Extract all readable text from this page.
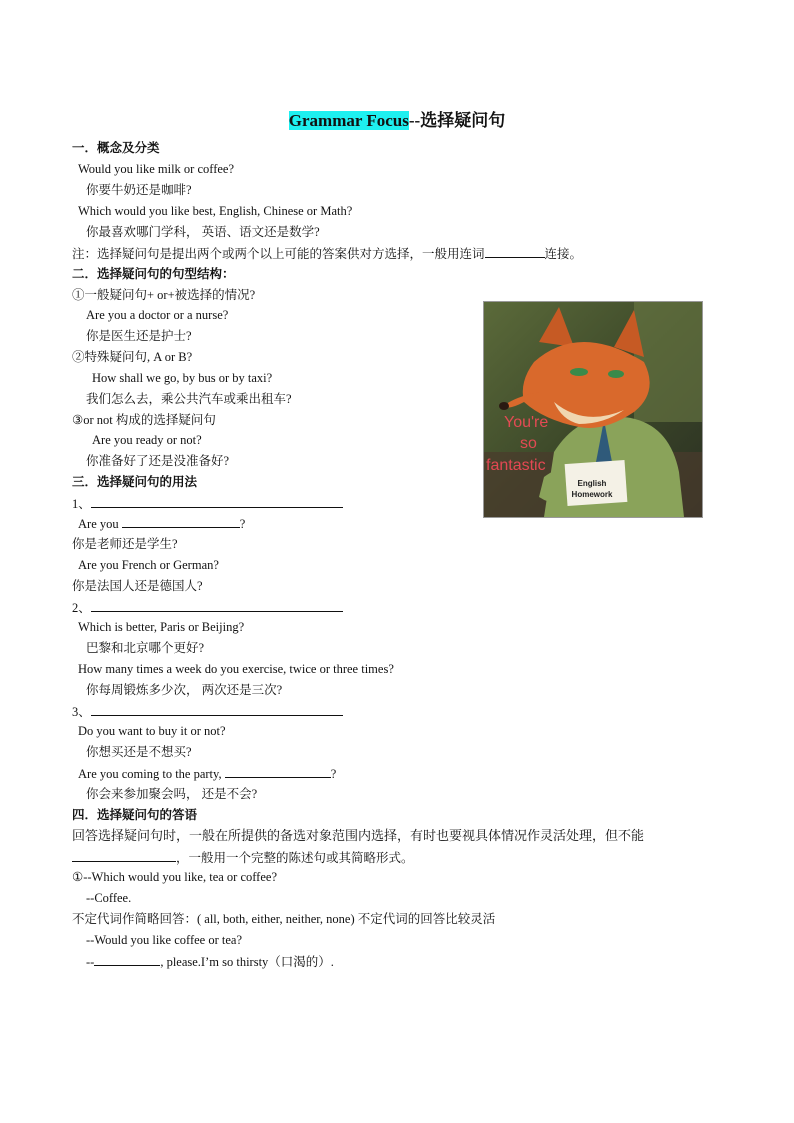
Grammar Focus--选择疑问句
一．概念及分类
Would you like milk or coffee?
你要牛奶还是咖啡?
Which would you like best, English, Chinese or Math?
你最喜欢哪门学科， 英语、语文还是数学?
注：选择疑问句是提出两个或两个以上可能的答案供对方选择，一般用连词	连接。
二．选择疑问句的句型结构：
①一般疑问句+ or+被选择的情况?
Are you a doctor or a nurse?
你是医生还是护士?
②特殊疑问句, A or B?
How shall we go, by bus or by taxi?
我们怎么去，乘公共汽车或乘出租车?
③or not 构成的选择疑问句
Are you ready or not?
你准备好了还是没准备好?
三．选择疑问句的用法
1、
Are you	?
你是老师还是学生?
Are you French or German?
你是法国人还是德国人?
2、
Which is better, Paris or Beijing?
巴黎和北京哪个更好?
How many times a week do you exercise, twice or three times?
你每周锻炼多少次， 两次还是三次?
3、
Do you want to buy it or not?
你想买还是不想买?
Are you coming to the party,	?
你会来参加聚会吗， 还是不会?
四．选择疑问句的答语
回答选择疑问句时，一般在所提供的备选对象范围内选择，有时也要视具体情况作灵活处理，但不能
，一般用一个完整的陈述句或其简略形式。
①--Which would you like, tea or coffee?
--Coffee.
不定代词作简略回答：( all, both, either, neither, none) 不定代词的回答比较灵活
--Would you like coffee or tea?
--	, please.I’m so thirsty（口渴的）.
English
Homework
You're
so
fantastic
